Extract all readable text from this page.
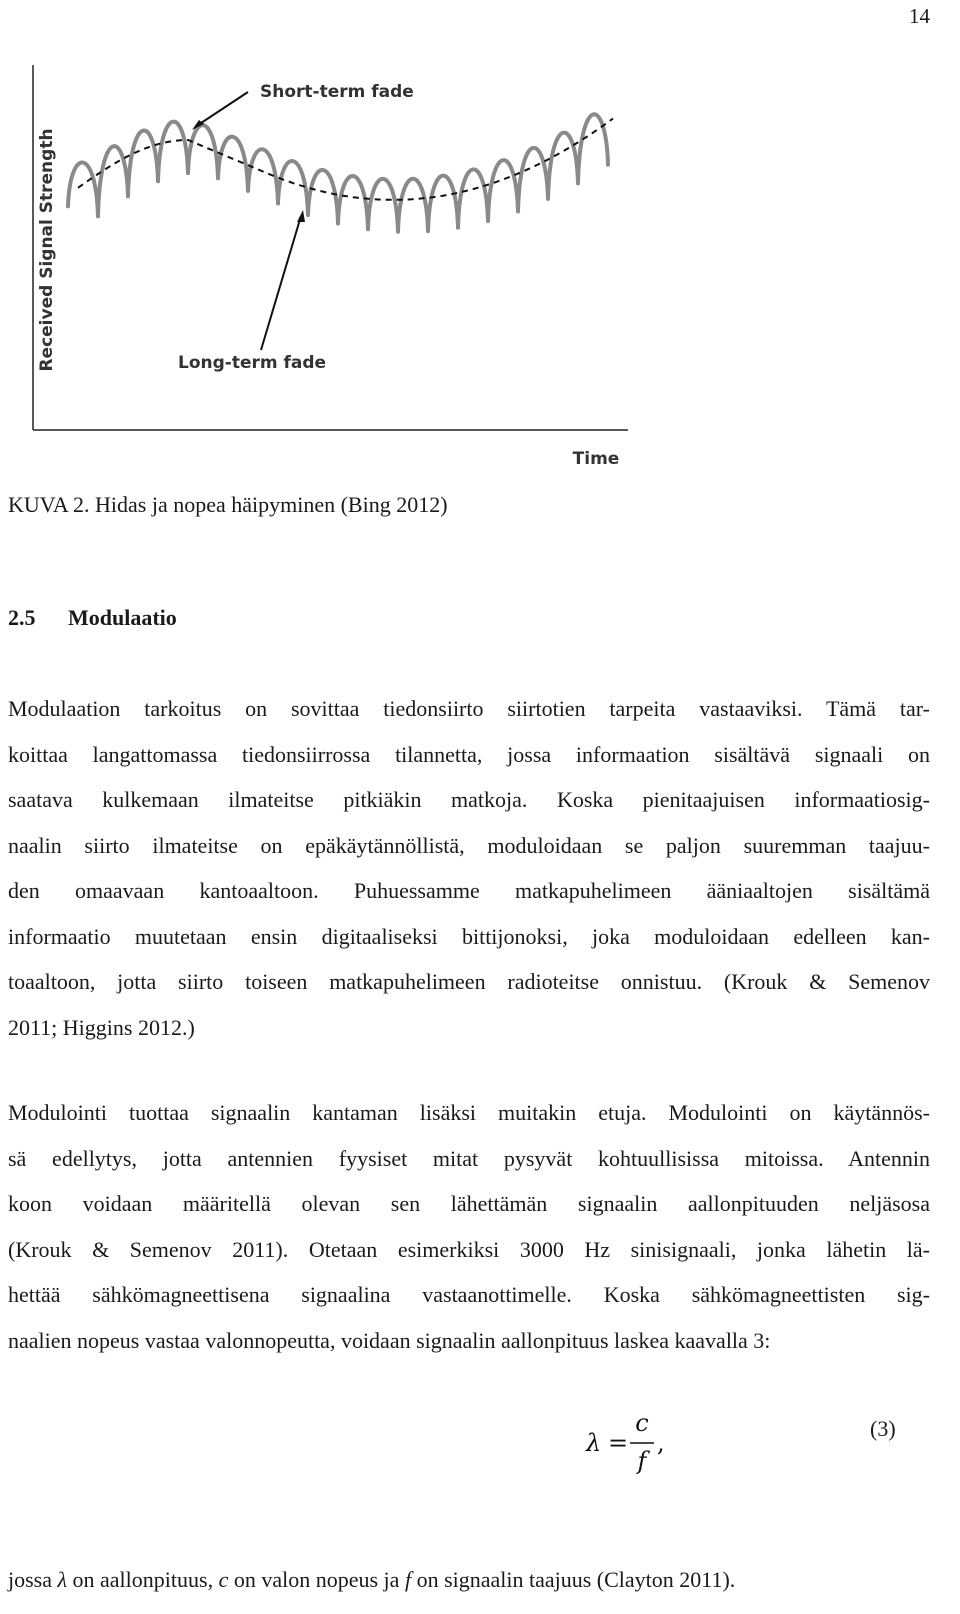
14
Received Signal Strength
Time
Short-term fade
Long-term fade
KUVA 2. Hidas ja nopea häipyminen (Bing 2012)
2.5 Modulaatio
Modulaation tarkoitus on sovittaa tiedonsiirto siirtotien tarpeita vastaaviksi. Tämä tar-
koittaa langattomassa tiedonsiirrossa tilannetta, jossa informaation sisältävä signaali on
saatava kulkemaan ilmateitse pitkiäkin matkoja. Koska pienitaajuisen informaatiosig-
naalin siirto ilmateitse on epäkäytännöllistä, moduloidaan se paljon suuremman taajuu-
den omaavaan kantoaaltoon. Puhuessamme matkapuhelimeen ääniaaltojen sisältämä
informaatio muutetaan ensin digitaaliseksi bittijonoksi, joka moduloidaan edelleen kan-
toaaltoon, jotta siirto toiseen matkapuhelimeen radioteitse onnistuu. (Krouk & Semenov
2011; Higgins 2012.)
Modulointi tuottaa signaalin kantaman lisäksi muitakin etuja. Modulointi on käytännös-
sä edellytys, jotta antennien fyysiset mitat pysyvät kohtuullisissa mitoissa. Antennin
koon voidaan määritellä olevan sen lähettämän signaalin aallonpituuden neljäsosa
(Krouk & Semenov 2011). Otetaan esimerkiksi 3000 Hz sinisignaali, jonka lähetin lä-
hettää sähkömagneettisena signaalina vastaanottimelle. Koska sähkömagneettisten sig-
naalien nopeus vastaa valonnopeutta, voidaan signaalin aallonpituus laskea kaavalla 3:
λ =
c
f
,
(3)
jossa λ on aallonpituus, c on valon nopeus ja f on signaalin taajuus (Clayton 2011).
